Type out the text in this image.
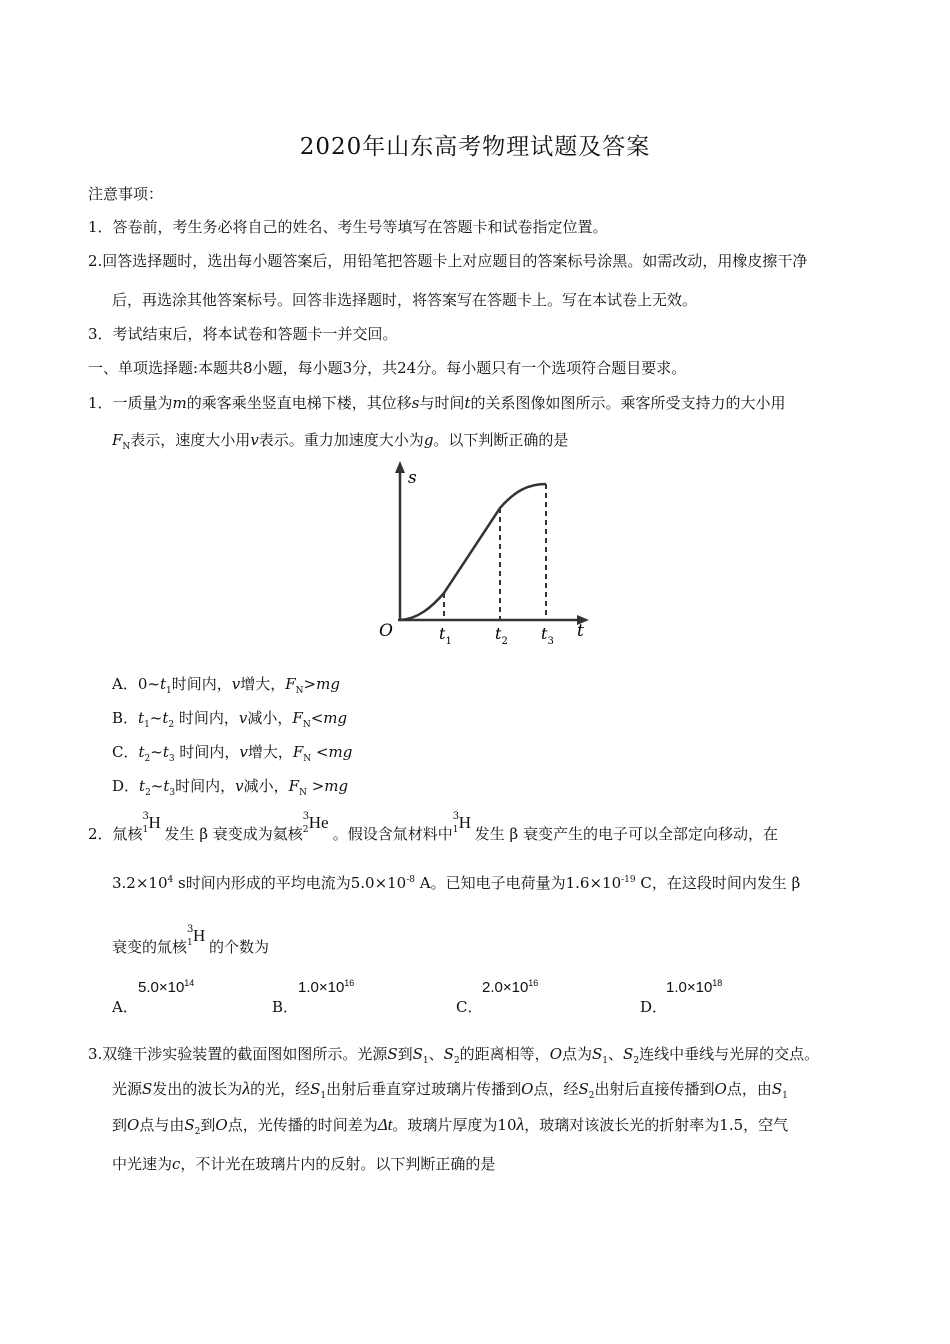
2020年山东高考物理试题及答案
注意事项：
1．答卷前，考生务必将自己的姓名、考生号等填写在答题卡和试卷指定位置。
2.回答选择题时，选出每小题答案后，用铅笔把答题卡上对应题目的答案标号涂黑。如需改动，用橡皮擦干净
后，再选涂其他答案标号。回答非选择题时，将答案写在答题卡上。写在本试卷上无效。
3．考试结束后，将本试卷和答题卡一并交回。
一、单项选择题:本题共8小题，每小题3分，共24分。每小题只有一个选项符合题目要求。
1．一质量为m的乘客乘坐竖直电梯下楼，其位移s与时间t的关系图像如图所示。乘客所受支持力的大小用
$F_N$表示，速度大小用v表示。重力加速度大小为g。以下判断正确的是
s
t
O	$t_1$	$t_2$ $t_3$
A．$0\sim t_1$时间内，v增大，$F_N>mg$
B．$t_1\sim t_2$ 时间内，v减小，$F_N<mg$
C．$t_2\sim t_3$ 时间内，v增大，$F_N <mg$
D．$t_2\sim t_3$时间内，v减小，$F_N >mg$
2．氚核
3
1 H
发生 β 衰变成为氦核
3
2 He
。假设含氚材料中
3
1 H
发生 β 衰变产生的电子可以全部定向移动，在
$3.2\times 10^4$ s时间内形成的平均电流为$5.0\times 10^{-8}$ A。已知电子电荷量为$1.6\times 10^{-19}$ C，在这段时间内发生 β
衰变的氚核
3
1 H
的个数为
A．
$5.0\times 10^{14}$
B．
$1.0\times 10^{16}$
C．
$2.0\times 10^{16}$
D．
$1.0\times 10^{18}$
3.双缝干涉实验装置的截面图如图所示。光源S到$S_1$、$S_2$的距离相等，O点为$S_1$、$S_2$连线中垂线与光屏的交点。
光源S发出的波长为λ的光，经$S_1$出射后垂直穿过玻璃片传播到O点，经$S_2$出射后直接传播到O点，由$S_1$
到O点与由$S_2$到O点，光传播的时间差为Δt。玻璃片厚度为10λ，玻璃对该波长光的折射率为1.5，空气
中光速为c，不计光在玻璃片内的反射。以下判断正确的是
